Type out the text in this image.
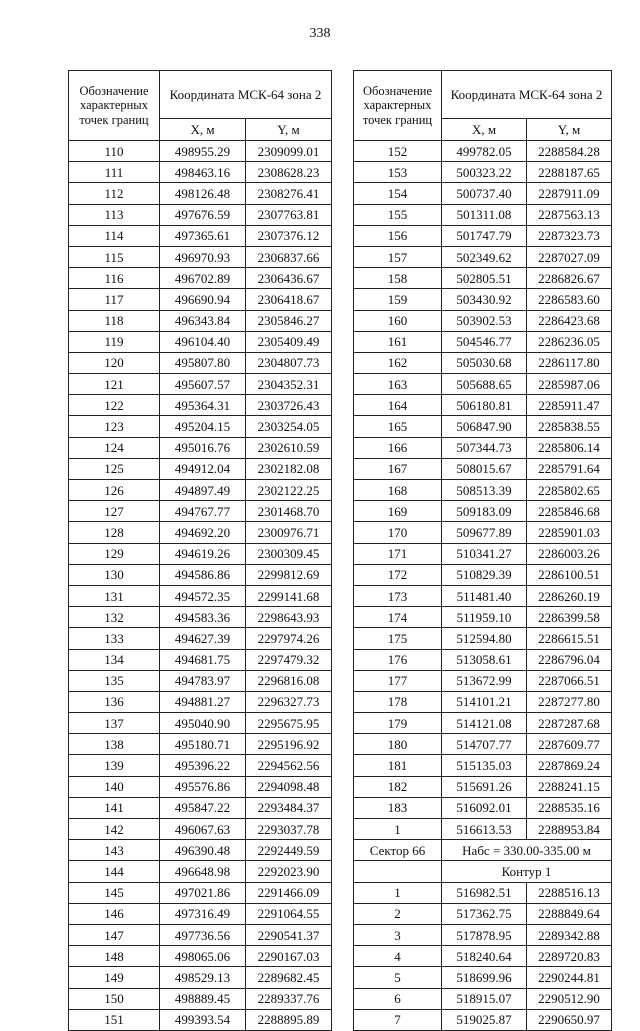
338
Обозначение характерных точек границ	Координата МСК-64 зона 2	
	X, м	Y, м
110	498955.29	2309099.01
111	498463.16	2308628.23
112	498126.48	2308276.41
113	497676.59	2307763.81
114	497365.61	2307376.12
115	496970.93	2306837.66
116	496702.89	2306436.67
117	496690.94	2306418.67
118	496343.84	2305846.27
119	496104.40	2305409.49
120	495807.80	2304807.73
121	495607.57	2304352.31
122	495364.31	2303726.43
123	495204.15	2303254.05
124	495016.76	2302610.59
125	494912.04	2302182.08
126	494897.49	2302122.25
127	494767.77	2301468.70
128	494692.20	2300976.71
129	494619.26	2300309.45
130	494586.86	2299812.69
131	494572.35	2299141.68
132	494583.36	2298643.93
133	494627.39	2297974.26
134	494681.75	2297479.32
135	494783.97	2296816.08
136	494881.27	2296327.73
137	495040.90	2295675.95
138	495180.71	2295196.92
139	495396.22	2294562.56
140	495576.86	2294098.48
141	495847.22	2293484.37
142	496067.63	2293037.78
143	496390.48	2292449.59
144	496648.98	2292023.90
145	497021.86	2291466.09
146	497316.49	2291064.55
147	497736.56	2290541.37
148	498065.06	2290167.03
149	498529.13	2289682.45
150	498889.45	2289337.76
151	499393.54	2288895.89
Обозначение характерных точек границ	Координата МСК-64 зона 2	
	X, м	Y, м
152	499782.05	2288584.28
153	500323.22	2288187.65
154	500737.40	2287911.09
155	501311.08	2287563.13
156	501747.79	2287323.73
157	502349.62	2287027.09
158	502805.51	2286826.67
159	503430.92	2286583.60
160	503902.53	2286423.68
161	504546.77	2286236.05
162	505030.68	2286117.80
163	505688.65	2285987.06
164	506180.81	2285911.47
165	506847.90	2285838.55
166	507344.73	2285806.14
167	508015.67	2285791.64
168	508513.39	2285802.65
169	509183.09	2285846.68
170	509677.89	2285901.03
171	510341.27	2286003.26
172	510829.39	2286100.51
173	511481.40	2286260.19
174	511959.10	2286399.58
175	512594.80	2286615.51
176	513058.61	2286796.04
177	513672.99	2287066.51
178	514101.21	2287277.80
179	514121.08	2287287.68
180	514707.77	2287609.77
181	515135.03	2287869.24
182	515691.26	2288241.15
183	516092.01	2288535.16
1	516613.53	2288953.84
Сектор 66	Набс = 330.00-335.00 м	
	Контур 1	
1	516982.51	2288516.13
2	517362.75	2288849.64
3	517878.95	2289342.88
4	518240.64	2289720.83
5	518699.96	2290244.81
6	518915.07	2290512.90
7	519025.87	2290650.97
